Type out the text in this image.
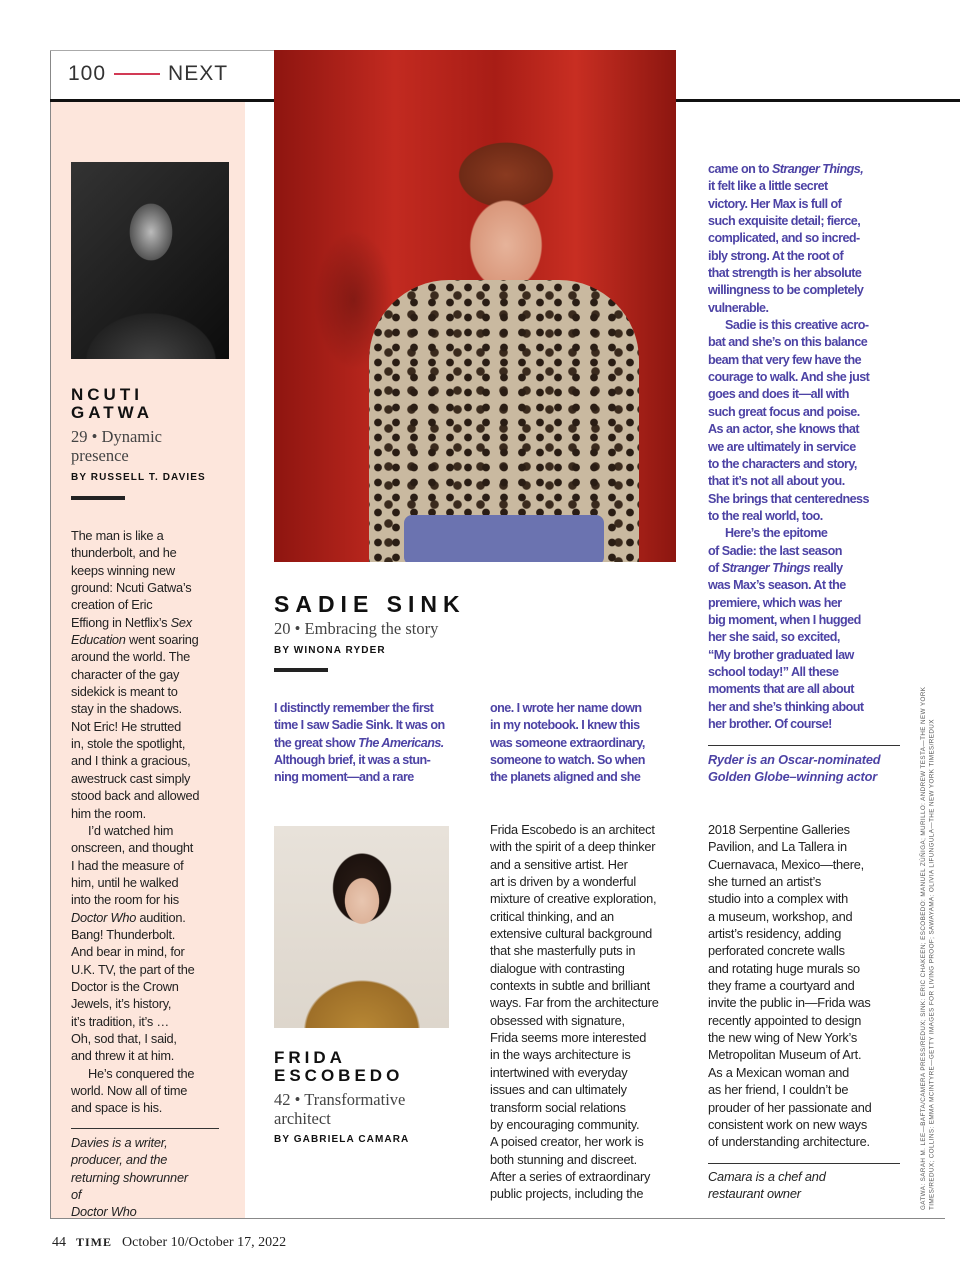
100	NEXT
NCUTI
GATWA
29 • Dynamic
presence
BY RUSSELL T. DAVIES
The man is like a
thunderbolt, and he
keeps winning new
ground: Ncuti Gatwa’s
creation of Eric
Effiong in Netflix’s Sex
Education went soaring
around the world. The
character of the gay
sidekick is meant to
stay in the shadows.
Not Eric! He strutted
in, stole the spotlight,
and I think a gracious,
awestruck cast simply
stood back and allowed
him the room.
I’d watched him
onscreen, and thought
I had the measure of
him, until he walked
into the room for his
Doctor Who audition.
Bang! Thunderbolt.
And bear in mind, for
U.K. TV, the part of the
Doctor is the Crown
Jewels, it’s history,
it’s tradition, it’s …
Oh, sod that, I said,
and threw it at him.
He’s conquered the
world. Now all of time
and space is his.
Davies is a writer,
producer, and the
returning showrunner
of
Doctor Who
SADIE SINK
20 • Embracing the story
BY WINONA RYDER
I distinctly remember the first
time I saw Sadie Sink. It was on
the great show The Americans.
Although brief, it was a stun-
ning moment—and a rare
one. I wrote her name down
in my notebook. I knew this
was someone extraordinary,
someone to watch. So when
the planets aligned and she
came on to Stranger Things,
it felt like a little secret
victory. Her Max is full of
such exquisite detail; fierce,
complicated, and so incred-
ibly strong. At the root of
that strength is her absolute
willingness to be completely
vulnerable.
Sadie is this creative acro-
bat and she’s on this balance
beam that very few have the
courage to walk. And she just
goes and does it—all with
such great focus and poise.
As an actor, she knows that
we are ultimately in service
to the characters and story,
that it’s not all about you.
She brings that centeredness
to the real world, too.
Here’s the epitome
of Sadie: the last season
of Stranger Things really
was Max’s season. At the
premiere, which was her
big moment, when I hugged
her she said, so excited,
“My brother graduated law
school today!” All these
moments that are all about
her and she’s thinking about
her brother. Of course!
Ryder is an Oscar-nominated
Golden Globe–winning actor
FRIDA
ESCOBEDO
42 • Transformative
architect
BY GABRIELA CAMARA
Frida Escobedo is an architect
with the spirit of a deep thinker
and a sensitive artist. Her
art is driven by a wonderful
mixture of creative exploration,
critical thinking, and an
extensive cultural background
that she masterfully puts in
dialogue with contrasting
contexts in subtle and brilliant
ways. Far from the architecture
obsessed with signature,
Frida seems more interested
in the ways architecture is
intertwined with everyday
issues and can ultimately
transform social relations
by encouraging community.
A poised creator, her work is
both stunning and discreet.
After a series of extraordinary
public projects, including the
2018 Serpentine Galleries
Pavilion, and La Tallera in
Cuernavaca, Mexico—there,
she turned an artist’s
studio into a complex with
a museum, workshop, and
artist’s residency, adding
perforated concrete walls
and rotating huge murals so
they frame a courtyard and
invite the public in—Frida was
recently appointed to design
the new wing of New York’s
Metropolitan Museum of Art.
As a Mexican woman and
as her friend, I couldn’t be
prouder of her passionate and
consistent work on new ways
of understanding architecture.
Camara is a chef and
restaurant owner	GATWA: SARAH M. LEE—BAFTA/CAMERA PRESS/REDUX; SINK: ERIC CHAKEEN; ESCOBEDO: MANUEL ZÚÑIGA; MURILLO: ANDREW TESTA—THE NEW YORK TIMES/REDUX; COLLINS: EMMA MCINTYRE—GETTY IMAGES FOR LIVING PROOF; SAWAYAMA: OLIVIA LIFUNGULA—THE NEW YORK TIMES/REDUX
44 TIME October 10/October 17, 2022
